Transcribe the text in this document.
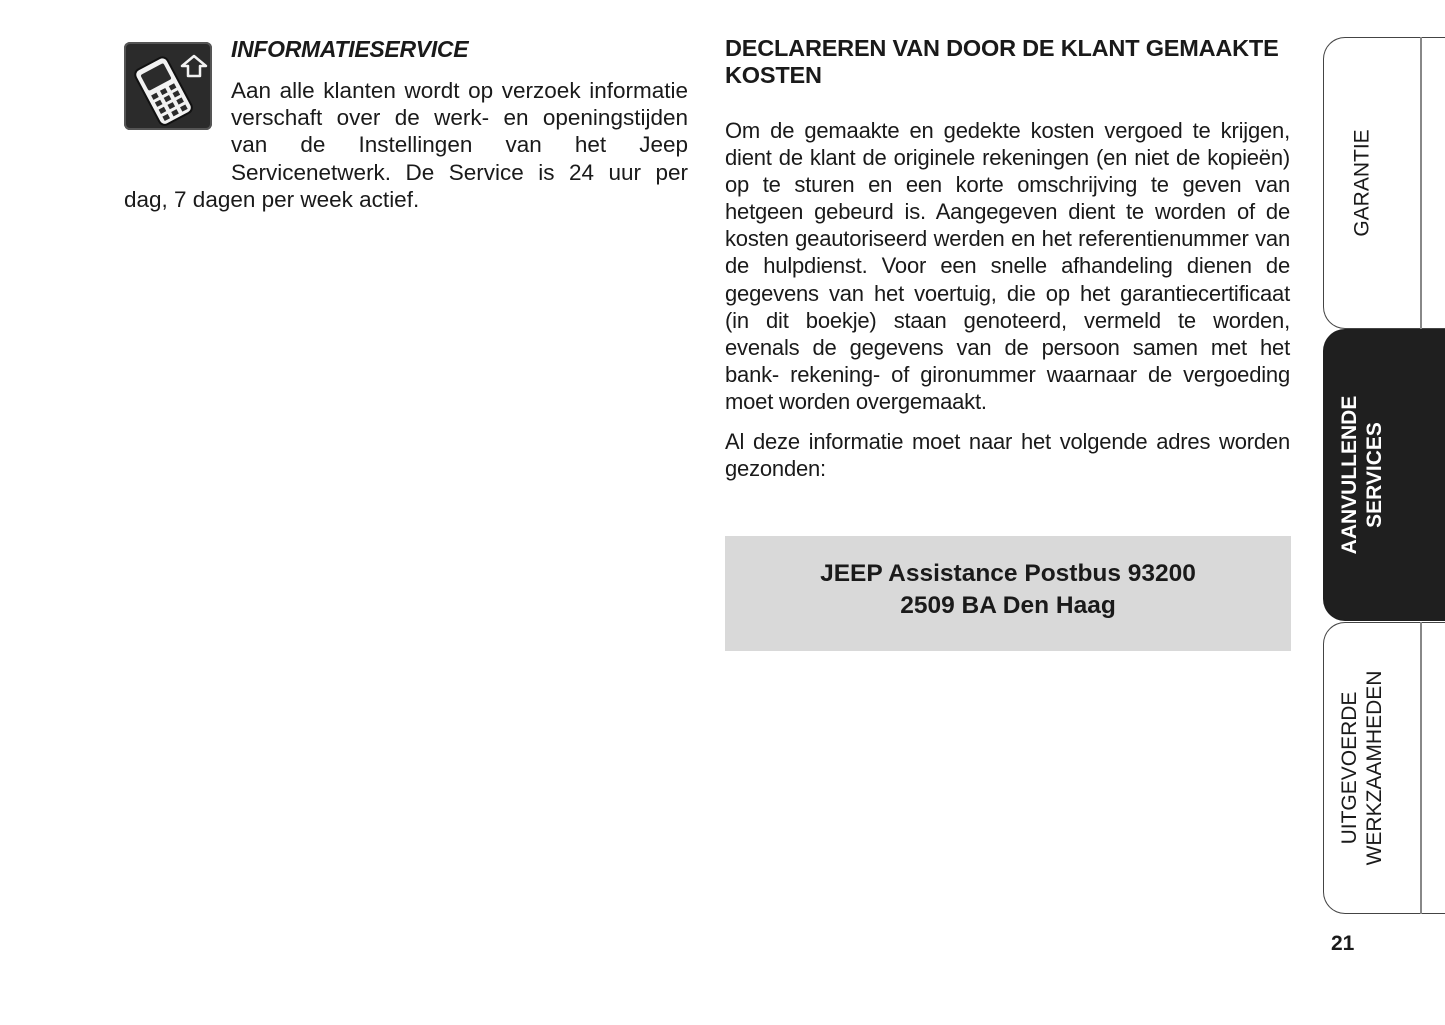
INFORMATIESERVICE

Aan alle klanten wordt op verzoek informatie verschaft over de werk- en openingstijden van de Instellingen van het Jeep Servicenetwerk. De Service is 24 uur per dag, 7 dagen per week actief.

DECLAREREN VAN DOOR DE KLANT GEMAAKTE KOSTEN

Om de gemaakte en gedekte kosten vergoed te krijgen, dient de klant de originele rekeningen (en niet de kopieën) op te sturen en een korte omschrijving te geven van hetgeen gebeurd is. Aangegeven dient te worden of de kosten geautoriseerd werden en het referentienummer van de hulpdienst. Voor een snelle afhandeling dienen de gegevens van het voertuig, die op het garantiecertificaat (in dit boekje) staan genoteerd, vermeld te worden, evenals de gegevens van de persoon samen met het bank- rekening- of gironummer waarnaar de vergoeding moet worden overgemaakt.

Al deze informatie moet naar het volgende adres worden gezonden:

JEEP Assistance Postbus 93200
2509 BA Den Haag
GARANTIE
AANVULLENDE SERVICES
UITGEVOERDE WERKZAAMHEDEN
21
